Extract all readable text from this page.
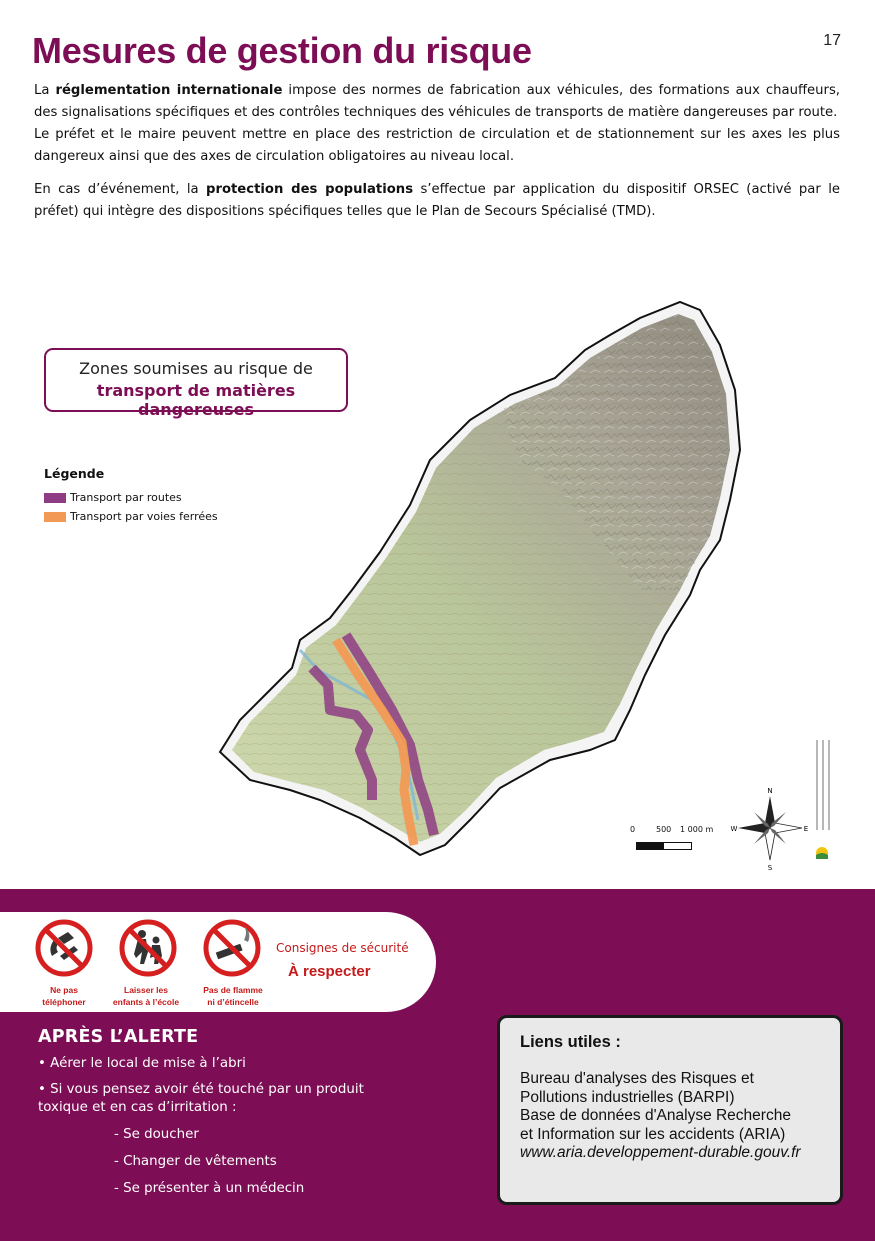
17
Mesures de gestion du risque

La réglementation internationale impose des normes de fabrication aux véhicules, des formations aux chauffeurs, des signalisations spécifiques et des contrôles techniques des véhicules de transports de matière dangereuses par route.

Le préfet et le maire peuvent mettre en place des restriction de circulation et de stationnement sur les axes les plus dangereux ainsi que des axes de circulation obligatoires au niveau local.

En cas d’événement, la protection des populations s’effectue par application du dispositif ORSEC (activé par le préfet) qui intègre des dispositions spécifiques telles que le Plan de Secours Spécialisé (TMD).

N
S
E
W
Zones soumises au risque de
transport de matières dangereuses
Légende
Transport par routes
Transport par voies ferrées
0	500	1 000 m
Ne pas
téléphoner
Laisser les
enfants à l’école
Pas de flamme
ni d’étincelle
Consignes de sécurité
À respecter
APRÈS L’ALERTE
• Aérer le local de mise à l’abri
• Si vous pensez avoir été touché par un produit
toxique et en cas d’irritation :
- Se doucher
- Changer de vêtements
- Se présenter à un médecin
Liens utiles :
Bureau d'analyses des Risques et
Pollutions industrielles (BARPI)
Base de données d'Analyse Recherche
et Information sur les accidents (ARIA)
www.aria.developpement-durable.gouv.fr
